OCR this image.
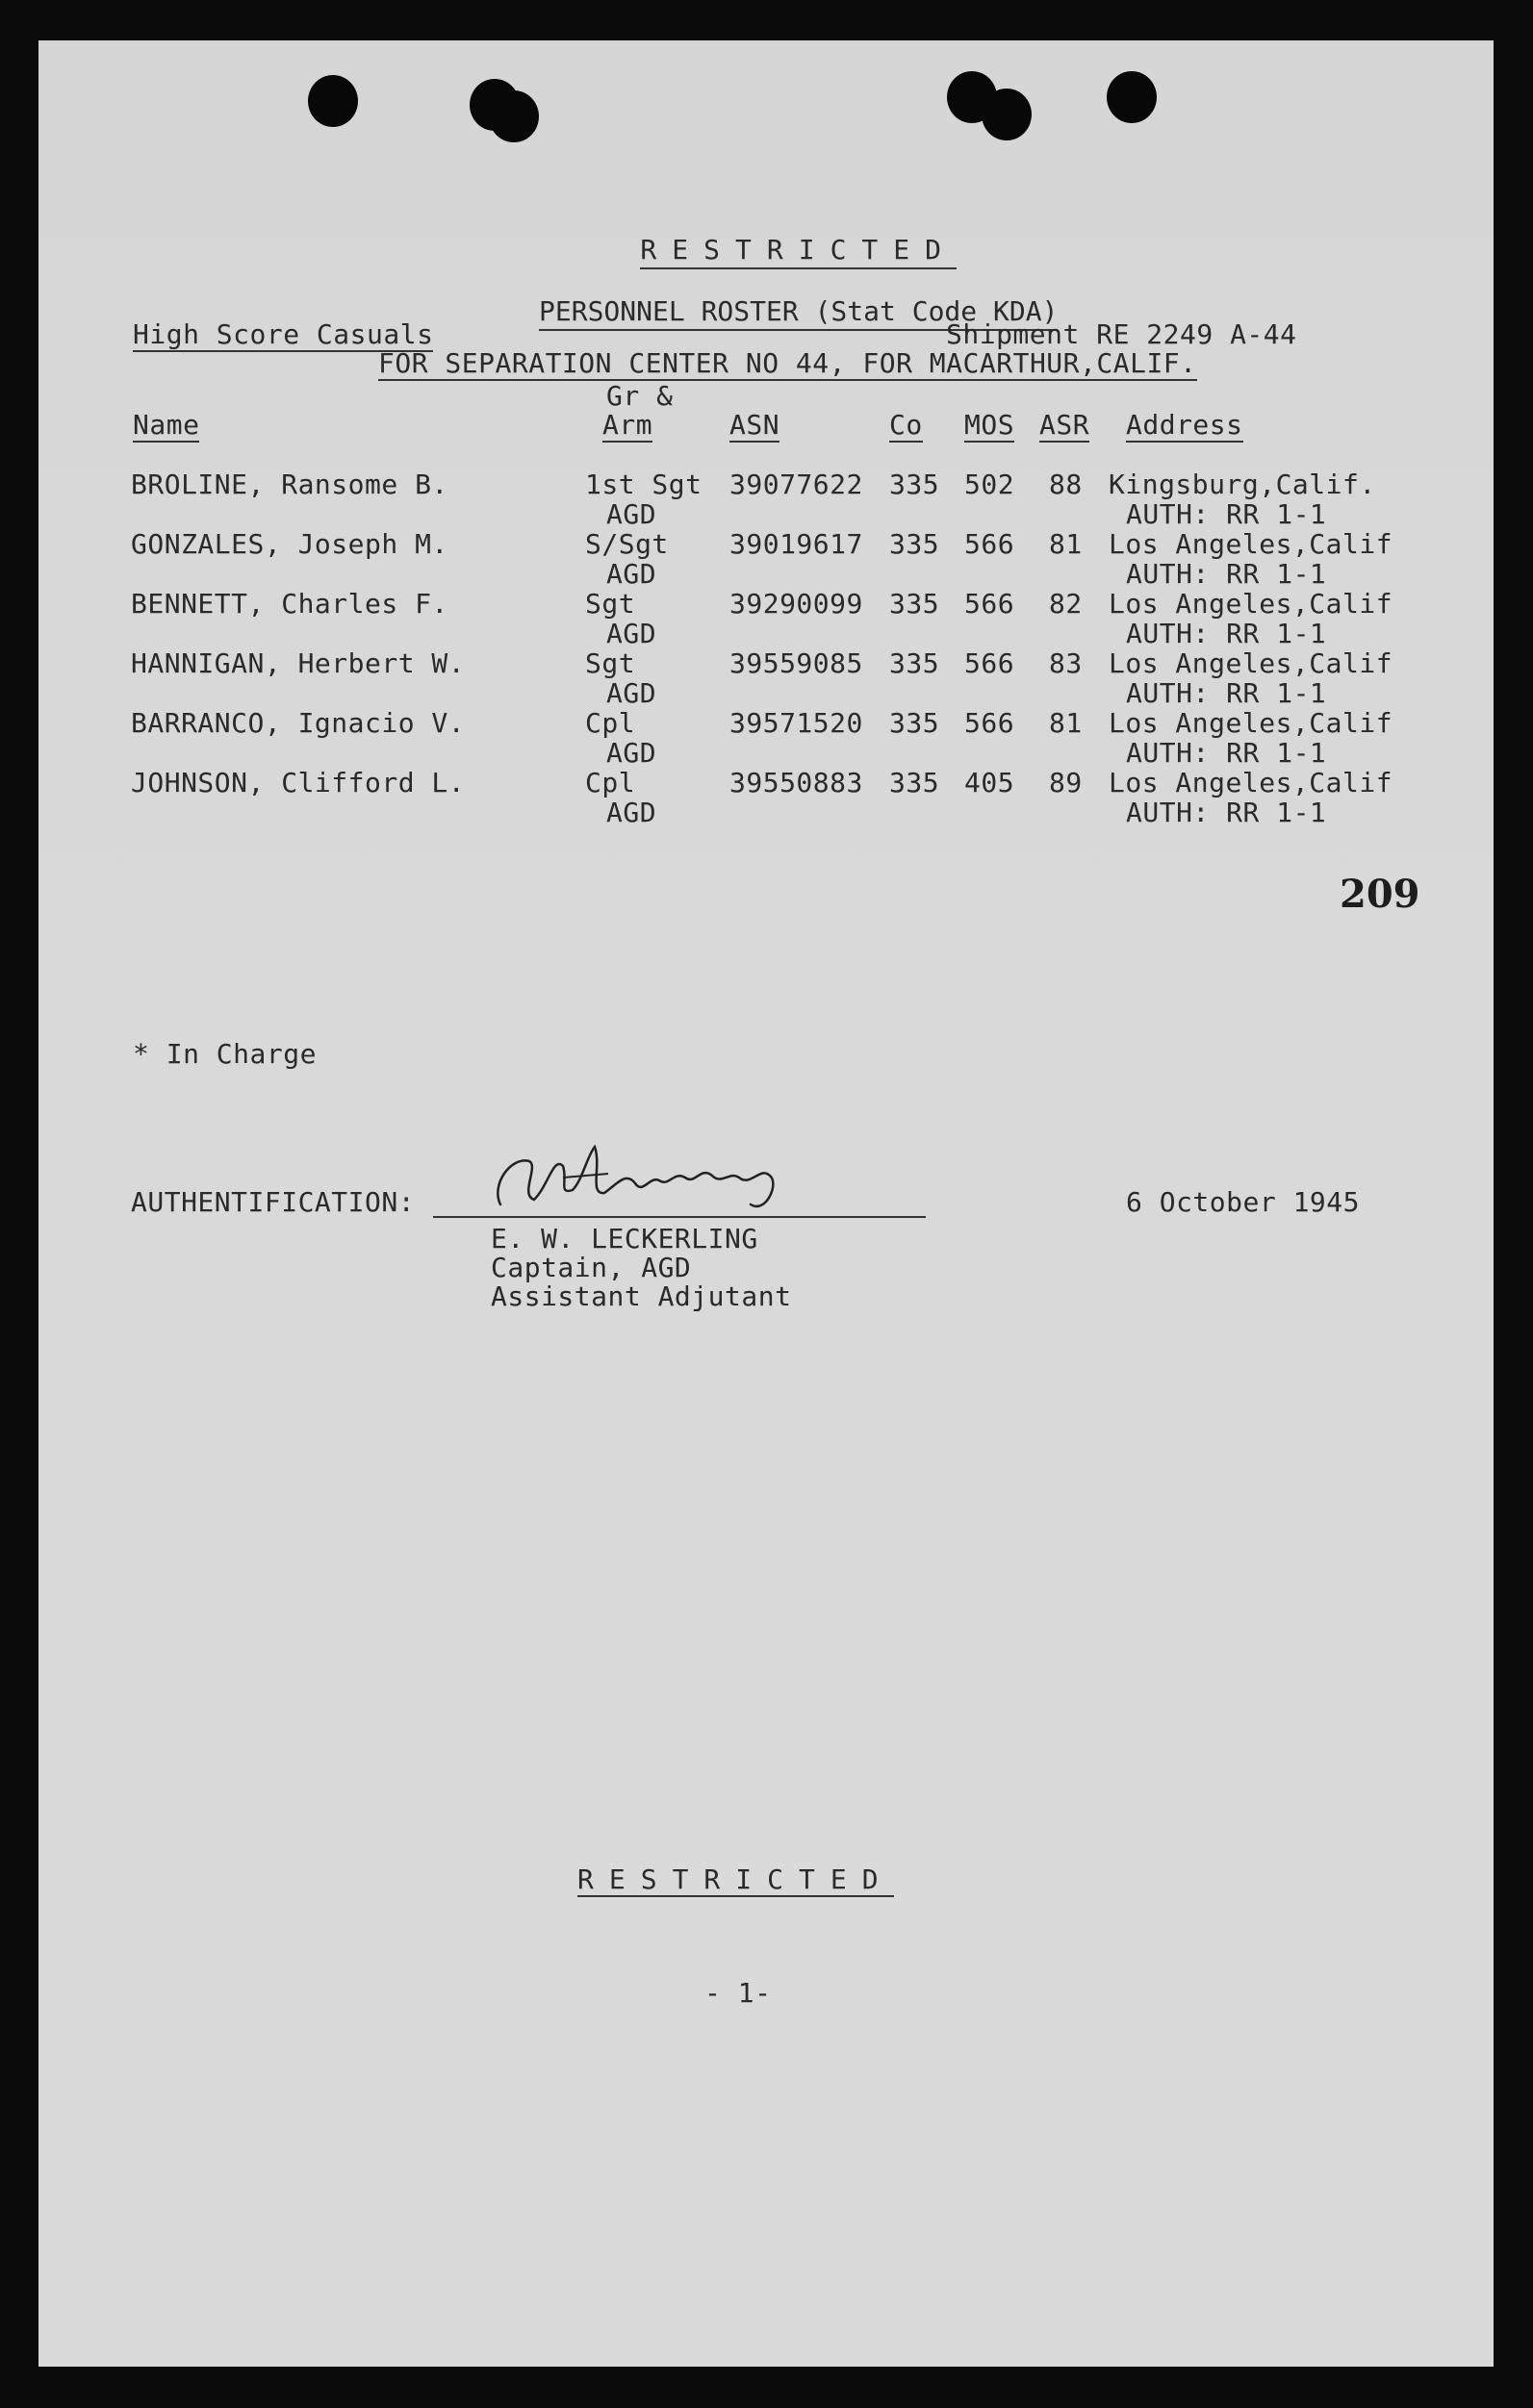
RESTRICTED

PERSONNEL ROSTER (Stat Code KDA)

High Score Casuals	Shipment RE 2249 A-44
FOR SEPARATION CENTER NO 44, FOR MACARTHUR,CALIF.
Gr &
Name	Arm	ASN	Co MOS ASR Address
BROLINE, Ransome B.	1st Sgt 39077622 335 502 88 Kingsburg,Calif.
AGD	AUTH: RR 1-1
GONZALES, Joseph M.	S/Sgt 39019617 335 566 81 Los Angeles,Calif
AGD	AUTH: RR 1-1
BENNETT, Charles F.	Sgt	39290099 335 566 82 Los Angeles,Calif
AGD	AUTH: RR 1-1
HANNIGAN, Herbert W.	Sgt	39559085 335 566 83 Los Angeles,Calif
AGD	AUTH: RR 1-1
BARRANCO, Ignacio V.	Cpl	39571520 335 566 81 Los Angeles,Calif
AGD	AUTH: RR 1-1
JOHNSON, Clifford L.	Cpl	39550883 335 405 89 Los Angeles,Calif
AGD	AUTH: RR 1-1
209
* In Charge
AUTHENTIFICATION:	6 October 1945
E. W. LECKERLING
Captain, AGD
Assistant Adjutant
RESTRICTED
- 1-
